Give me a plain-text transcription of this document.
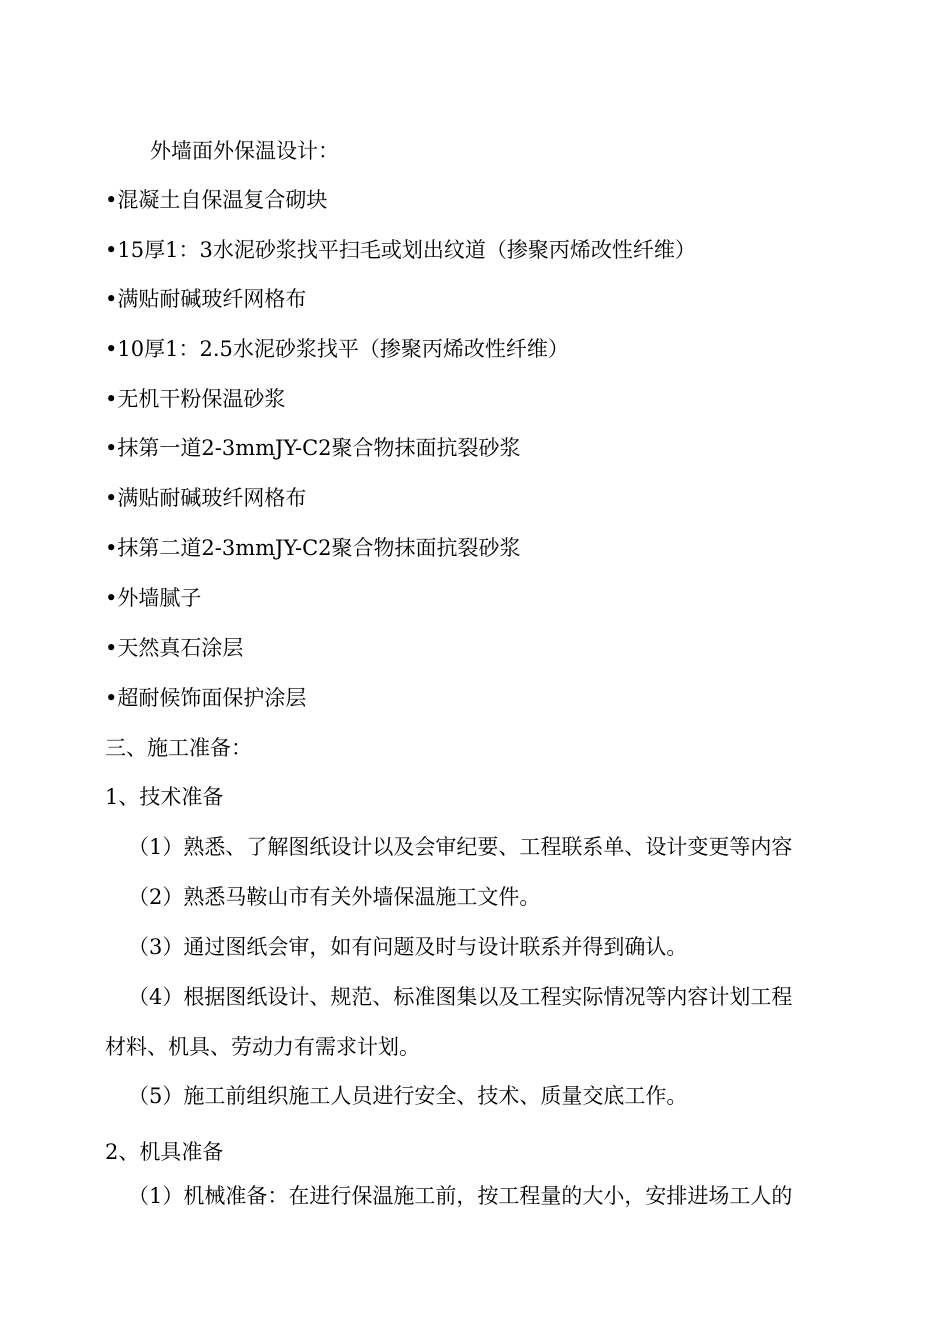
外墙面外保温设计：
•混凝土自保温复合砌块
•15厚1：3水泥砂浆找平扫毛或划出纹道（掺聚丙烯改性纤维）
•满贴耐碱玻纤网格布
•10厚1：2.5水泥砂浆找平（掺聚丙烯改性纤维）
•无机干粉保温砂浆
•抹第一道2-3mmJY-C2聚合物抹面抗裂砂浆
•满贴耐碱玻纤网格布
•抹第二道2-3mmJY-C2聚合物抹面抗裂砂浆
•外墙腻子
•天然真石涂层
•超耐候饰面保护涂层
三、施工准备：
1、技术准备
（1）熟悉、了解图纸设计以及会审纪要、工程联系单、设计变更等内容
（2）熟悉马鞍山市有关外墙保温施工文件。
（3）通过图纸会审，如有问题及时与设计联系并得到确认。
（4）根据图纸设计、规范、标准图集以及工程实际情况等内容计划工程
材料、机具、劳动力有需求计划。
（5）施工前组织施工人员进行安全、技术、质量交底工作。
2、机具准备
（1）机械准备：在进行保温施工前，按工程量的大小，安排进场工人的
